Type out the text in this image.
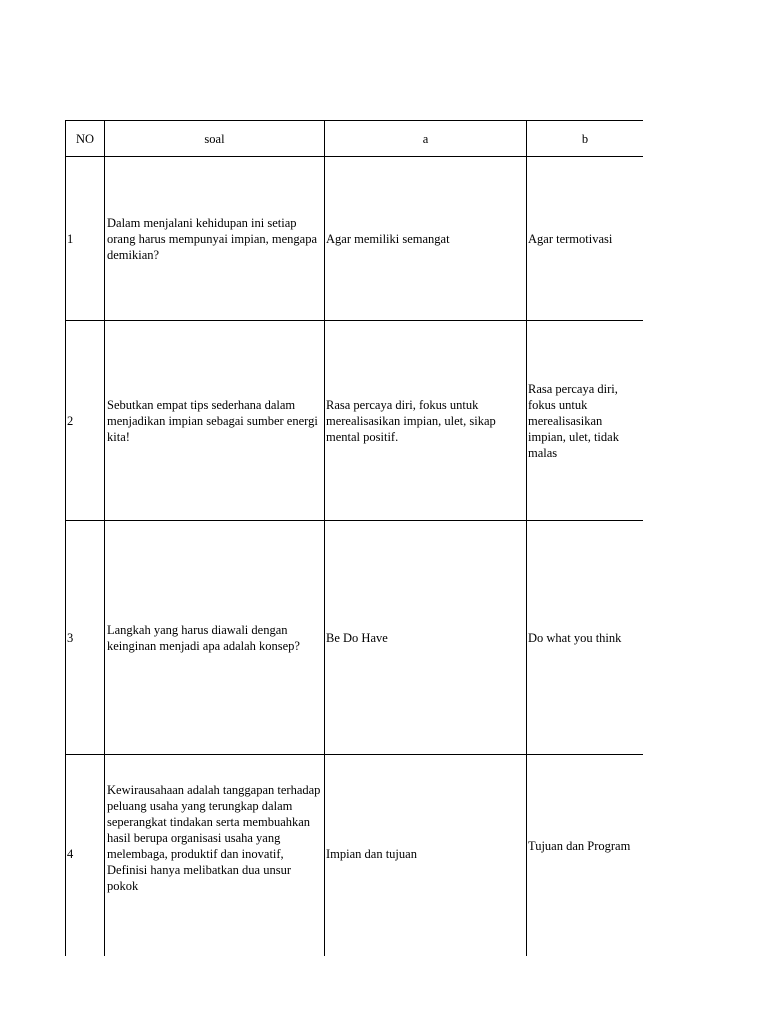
NO	soal	a	b
1	Dalam menjalani kehidupan ini setiap orang harus mempunyai impian, mengapa demikian?	Agar memiliki semangat	Agar termotivasi
2	Sebutkan empat tips sederhana dalam menjadikan impian sebagai sumber energi kita!	Rasa percaya diri, fokus untuk merealisasikan impian, ulet, sikap mental positif.	Rasa percaya diri, fokus untuk merealisasikan impian, ulet, tidak malas
3	Langkah yang harus diawali dengan keinginan menjadi apa adalah konsep?	Be Do Have	Do what you think

4	Kewirausahaan adalah tanggapan terhadap peluang usaha yang terungkap dalam seperangkat tindakan serta membuahkan hasil berupa organisasi usaha yang melembaga, produktif dan inovatif, Definisi hanya melibatkan dua unsur pokok	Impian dan tujuan	Tujuan dan Program
